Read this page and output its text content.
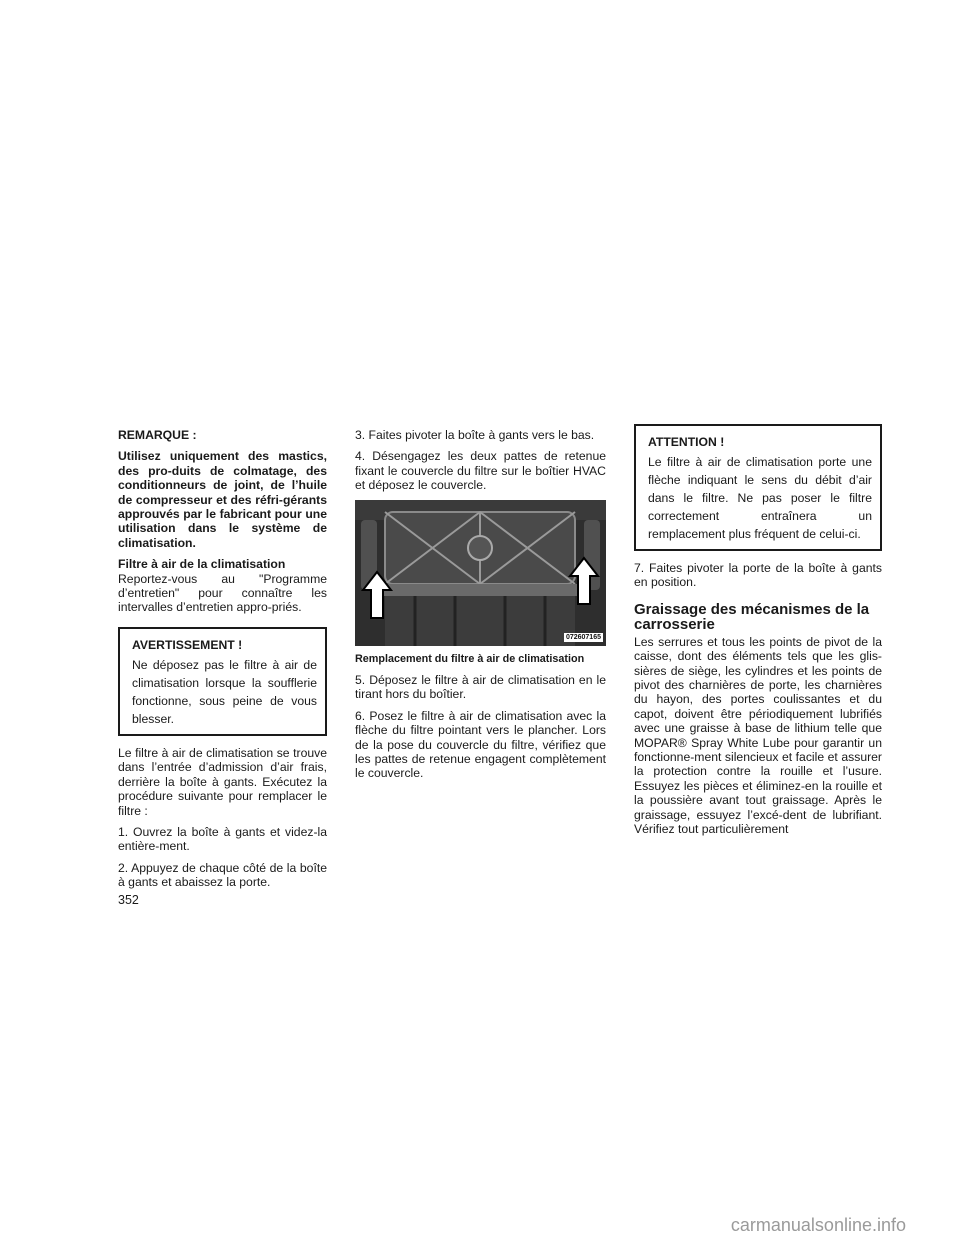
REMARQUE :

Utilisez uniquement des mastics, des pro-duits de colmatage, des conditionneurs de joint, de l’huile de compresseur et des réfri-gérants approuvés par le fabricant pour une utilisation dans le système de climatisation.

Filtre à air de la climatisation

Reportez-vous au "Programme d’entretien" pour connaître les intervalles d’entretien appro-priés.

AVERTISSEMENT !
Ne déposez pas le filtre à air de climatisation lorsque la soufflerie fonctionne, sous peine de vous blesser.

Le filtre à air de climatisation se trouve dans l’entrée d’admission d’air frais, derrière la boîte à gants. Exécutez la procédure suivante pour remplacer le filtre :

1. Ouvrez la boîte à gants et videz-la entière-ment.

2. Appuyez de chaque côté de la boîte à gants et abaissez la porte.

3. Faites pivoter la boîte à gants vers le bas.

4. Désengagez les deux pattes de retenue fixant le couvercle du filtre sur le boîtier HVAC et déposez le couvercle.

072607165

Remplacement du filtre à air de climatisation

5. Déposez le filtre à air de climatisation en le tirant hors du boîtier.

6. Posez le filtre à air de climatisation avec la flèche du filtre pointant vers le plancher. Lors de la pose du couvercle du filtre, vérifiez que les pattes de retenue engagent complètement le couvercle.

ATTENTION !
Le filtre à air de climatisation porte une flèche indiquant le sens du débit d’air dans le filtre. Ne pas poser le filtre correctement entraînera un remplacement plus fréquent de celui-ci.

7. Faites pivoter la porte de la boîte à gants en position.

Graissage des mécanismes de la carrosserie

Les serrures et tous les points de pivot de la caisse, dont des éléments tels que les glis-sières de siège, les cylindres et les points de pivot des charnières de porte, les charnières du hayon, des portes coulissantes et du capot, doivent être périodiquement lubrifiés avec une graisse à base de lithium telle que MOPAR® Spray White Lube pour garantir un fonctionne-ment silencieux et facile et assurer la protection contre la rouille et l’usure. Essuyez les pièces et éliminez-en la rouille et la poussière avant tout graissage. Après le graissage, essuyez l’excé-dent de lubrifiant. Vérifiez tout particulièrement

352
carmanualsonline.info
